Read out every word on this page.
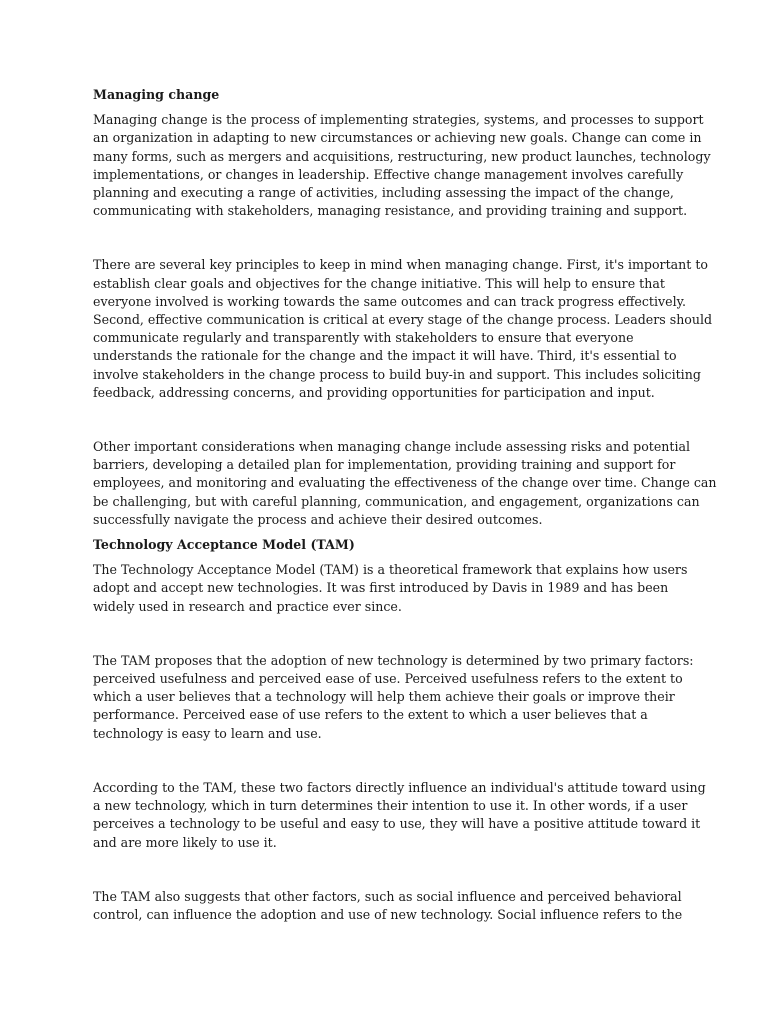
Managing change

Managing change is the process of implementing strategies, systems, and processes to support
an organization in adapting to new circumstances or achieving new goals. Change can come in
many forms, such as mergers and acquisitions, restructuring, new product launches, technology
implementations, or changes in leadership. Effective change management involves carefully
planning and executing a range of activities, including assessing the impact of the change,
communicating with stakeholders, managing resistance, and providing training and support.

There are several key principles to keep in mind when managing change. First, it's important to
establish clear goals and objectives for the change initiative. This will help to ensure that
everyone involved is working towards the same outcomes and can track progress effectively.
Second, effective communication is critical at every stage of the change process. Leaders should
communicate regularly and transparently with stakeholders to ensure that everyone
understands the rationale for the change and the impact it will have. Third, it's essential to
involve stakeholders in the change process to build buy-in and support. This includes soliciting
feedback, addressing concerns, and providing opportunities for participation and input.

Other important considerations when managing change include assessing risks and potential
barriers, developing a detailed plan for implementation, providing training and support for
employees, and monitoring and evaluating the effectiveness of the change over time. Change can
be challenging, but with careful planning, communication, and engagement, organizations can
successfully navigate the process and achieve their desired outcomes.

Technology Acceptance Model (TAM)

The Technology Acceptance Model (TAM) is a theoretical framework that explains how users
adopt and accept new technologies. It was first introduced by Davis in 1989 and has been
widely used in research and practice ever since.

The TAM proposes that the adoption of new technology is determined by two primary factors:
perceived usefulness and perceived ease of use. Perceived usefulness refers to the extent to
which a user believes that a technology will help them achieve their goals or improve their
performance. Perceived ease of use refers to the extent to which a user believes that a
technology is easy to learn and use.

According to the TAM, these two factors directly influence an individual's attitude toward using
a new technology, which in turn determines their intention to use it. In other words, if a user
perceives a technology to be useful and easy to use, they will have a positive attitude toward it
and are more likely to use it.

The TAM also suggests that other factors, such as social influence and perceived behavioral
control, can influence the adoption and use of new technology. Social influence refers to the
